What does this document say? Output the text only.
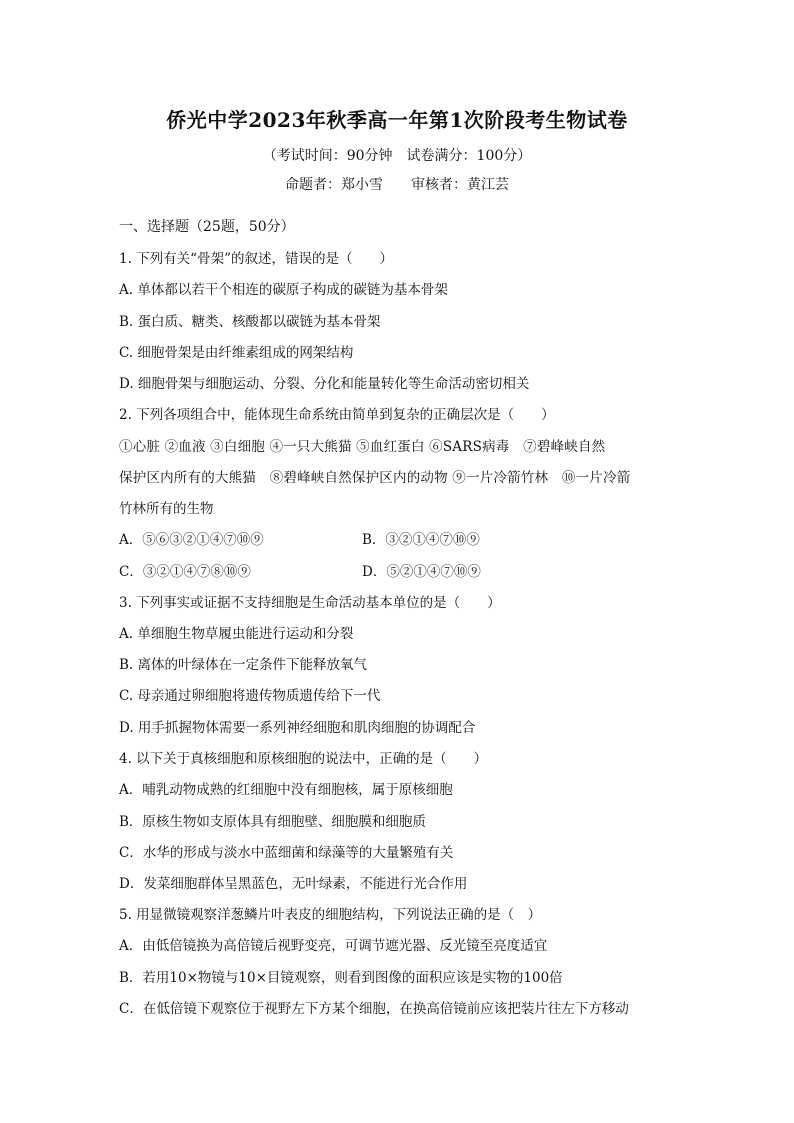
侨光中学2023年秋季高一年第1次阶段考生物试卷
（考试时间：90分钟　试卷满分：100分）
命题者：郑小雪　　审核者：黄江芸
一、选择题（25题，50分）
1. 下列有关“骨架”的叙述，错误的是（　　）
A. 单体都以若干个相连的碳原子构成的碳链为基本骨架
B. 蛋白质、糖类、核酸都以碳链为基本骨架
C. 细胞骨架是由纤维素组成的网架结构
D. 细胞骨架与细胞运动、分裂、分化和能量转化等生命活动密切相关
2. 下列各项组合中，能体现生命系统由简单到复杂的正确层次是（　　）
①心脏 ②血液 ③白细胞 ④一只大熊猫 ⑤血红蛋白 ⑥SARS病毒　⑦碧峰峡自然
保护区内所有的大熊猫　⑧碧峰峡自然保护区内的动物 ⑨一片冷箭竹林　⑩一片冷箭
竹林所有的生物
A．⑤⑥③②①④⑦⑩⑨	B．③②①④⑦⑩⑨
C．③②①④⑦⑧⑩⑨	D．⑤②①④⑦⑩⑨
3. 下列事实或证据不支持细胞是生命活动基本单位的是（　　）
A. 单细胞生物草履虫能进行运动和分裂
B. 离体的叶绿体在一定条件下能释放氧气
C. 母亲通过卵细胞将遗传物质遗传给下一代
D. 用手抓握物体需要一系列神经细胞和肌肉细胞的协调配合
4. 以下关于真核细胞和原核细胞的说法中，正确的是（　　）
A．哺乳动物成熟的红细胞中没有细胞核，属于原核细胞
B．原核生物如支原体具有细胞壁、细胞膜和细胞质
C．水华的形成与淡水中蓝细菌和绿藻等的大量繁殖有关
D．发菜细胞群体呈黑蓝色，无叶绿素，不能进行光合作用
5. 用显微镜观察洋葱鳞片叶表皮的细胞结构，下列说法正确的是（　）
A．由低倍镜换为高倍镜后视野变亮，可调节遮光器、反光镜至亮度适宜
B．若用10×物镜与10×目镜观察，则看到图像的面积应该是实物的100倍
C．在低倍镜下观察位于视野左下方某个细胞，在换高倍镜前应该把装片往左下方移动
